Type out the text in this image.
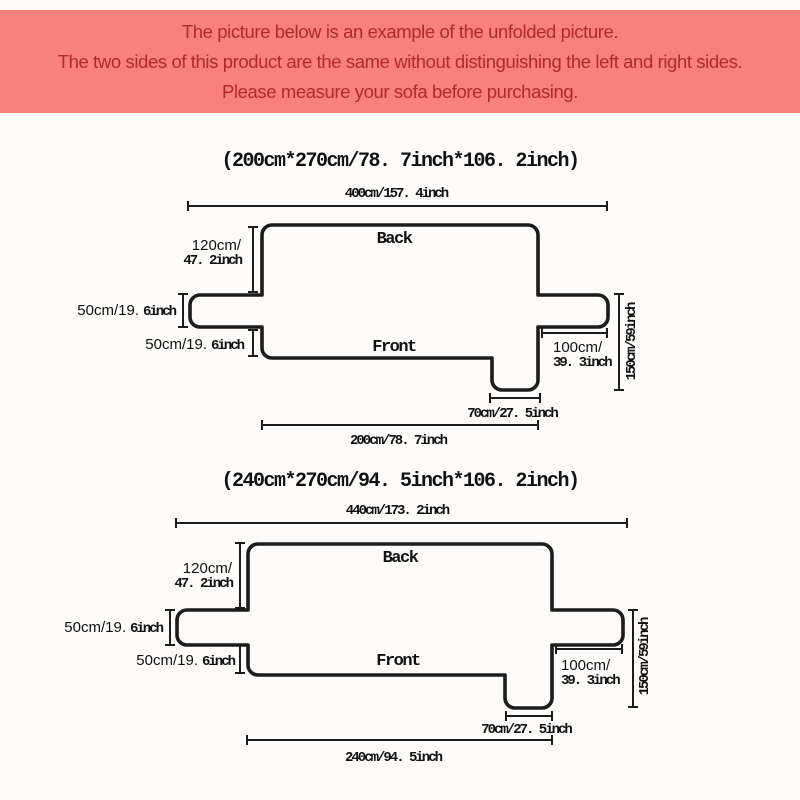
The picture below is an example of the unfolded picture.
The two sides of this product are the same without distinguishing the left and right sides.
Please measure your sofa before purchasing.
(200cm*270cm/78. 7inch*106. 2inch)
400cm/157. 4inch
Back
Front
120cm/
47. 2inch
50cm/19. 6inch
50cm/19. 6inch	100cm/
39. 3inch 150cm/59inch
70cm/27. 5inch
200cm/78. 7inch
(240cm*270cm/94. 5inch*106. 2inch)
440cm/173. 2inch
Back
Front
120cm/
47. 2inch
50cm/19. 6inch
50cm/19. 6inch	100cm/
39. 3inch 150cm/59inch
70cm/27. 5inch
240cm/94. 5inch
